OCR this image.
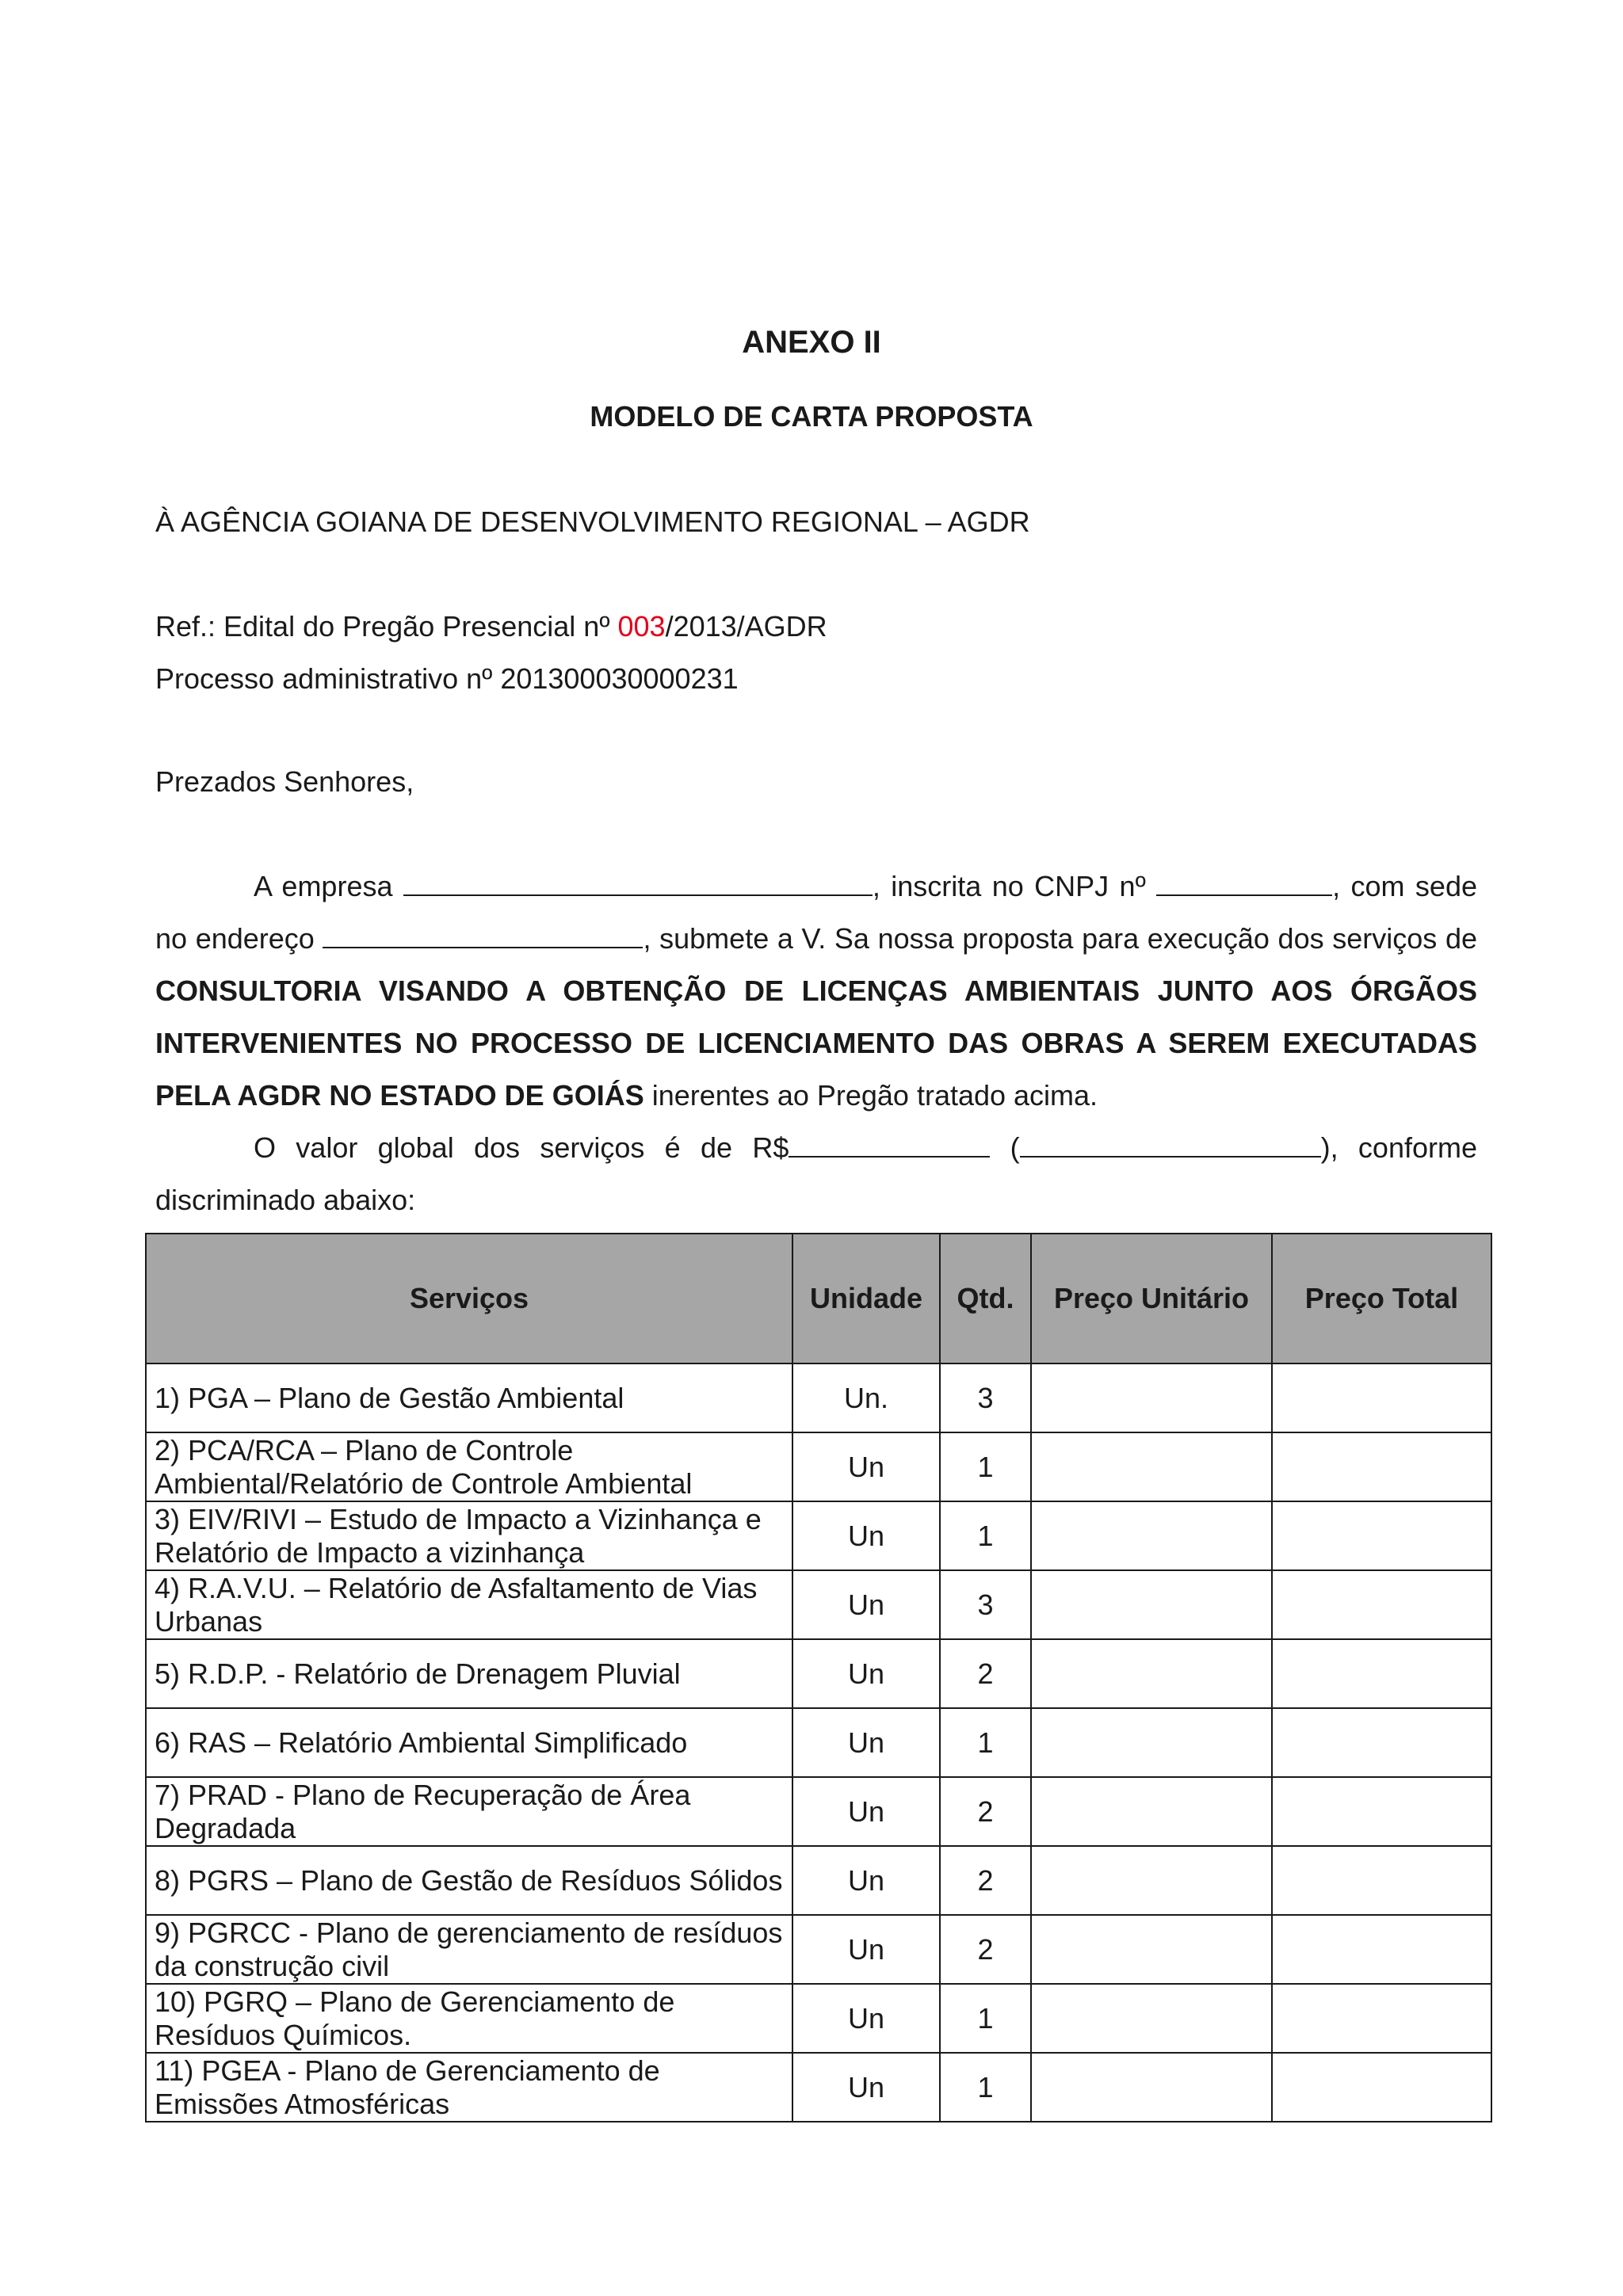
ANEXO II
MODELO DE CARTA PROPOSTA

À AGÊNCIA GOIANA DE DESENVOLVIMENTO REGIONAL – AGDR

Ref.: Edital do Pregão Presencial nº 003/2013/AGDR

Processo administrativo nº 201300030000231

Prezados Senhores,

A empresa	, inscrita no CNPJ nº	, com sede no endereço	, submete a V. Sa nossa proposta para execução dos serviços de CONSULTORIA VISANDO A OBTENÇÃO DE LICENÇAS AMBIENTAIS JUNTO AOS ÓRGÃOS INTERVENIENTES NO PROCESSO DE LICENCIAMENTO DAS OBRAS A SEREM EXECUTADAS PELA AGDR NO ESTADO DE GOIÁS inerentes ao Pregão tratado acima.

O valor global dos serviços é de R$	(	), conforme discriminado abaixo:

Serviços	Unidade	Qtd.	Preço Unitário	Preço Total
1) PGA – Plano de Gestão Ambiental	Un.	3		
2) PCA/RCA – Plano de Controle Ambiental/Relatório de Controle Ambiental	Un	1		
3) EIV/RIVI – Estudo de Impacto a Vizinhança e Relatório de Impacto a vizinhança	Un	1		
4) R.A.V.U. – Relatório de Asfaltamento de Vias Urbanas	Un	3		
5) R.D.P. - Relatório de Drenagem Pluvial	Un	2		
6) RAS – Relatório Ambiental Simplificado	Un	1		
7) PRAD - Plano de Recuperação de Área Degradada	Un	2		
8) PGRS – Plano de Gestão de Resíduos Sólidos	Un	2		
9) PGRCC - Plano de gerenciamento de resíduos da construção civil	Un	2		
10) PGRQ – Plano de Gerenciamento de Resíduos Químicos.	Un	1		
11) PGEA - Plano de Gerenciamento de Emissões Atmosféricas	Un	1		
